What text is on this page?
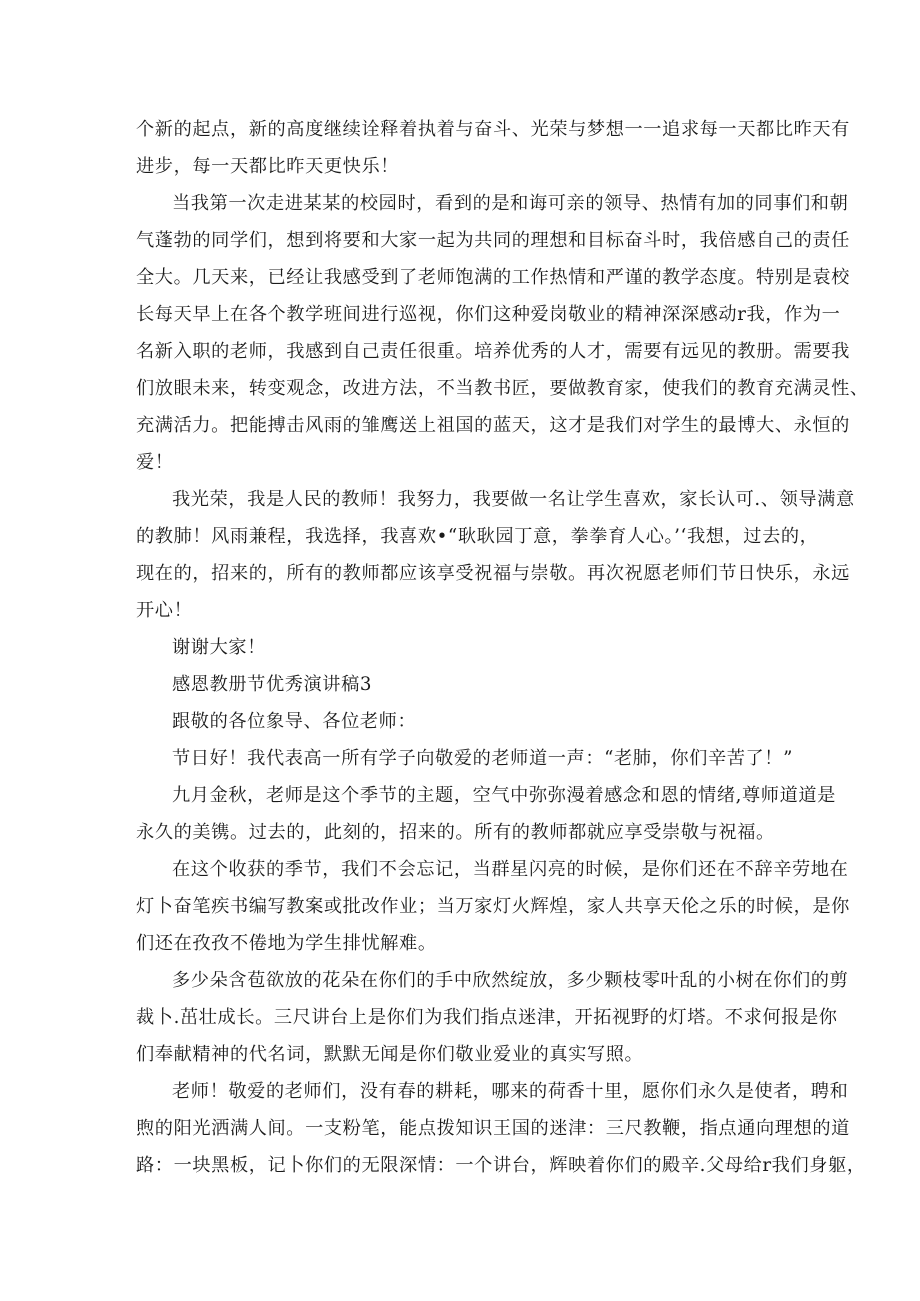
个新的起点，新的高度继续诠释着执着与奋斗、光荣与梦想一一追求每一天都比昨天有
进步，每一天都比昨天更快乐！
当我第一次走进某某的校园时，看到的是和诲可亲的领导、热情有加的同事们和朝
气蓬勃的同学们，想到将要和大家一起为共同的理想和目标奋斗时，我倍感自己的责任
全大。几天来，已经让我感受到了老师饱满的工作热情和严谨的教学态度。特别是袁校
长每天早上在各个教学班间进行巡视，你们这种爱岗敬业的精神深深感动r我，作为一
名新入职的老师，我感到自己责任很重。培养优秀的人才，需要有远见的教册。需要我
们放眼未来，转变观念，改进方法，不当教书匠，要做教育家，使我们的教育充满灵性、
充满活力。把能搏击风雨的雏鹰送上祖国的蓝天，这才是我们对学生的最博大、永恒的
爱！
我光荣，我是人民的教师！我努力，我要做一名让学生喜欢，家长认可.、领导满意
的教肺！风雨兼程，我选择，我喜欢•“耿耿园丁意，拳拳育人心。’‘我想，过去的，
现在的，招来的，所有的教师都应该享受祝福与崇敬。再次祝愿老师们节日快乐，永远
开心！
谢谢大家！
感恩教册节优秀演讲稿3
跟敬的各位象导、各位老师：
节日好！我代表高一所有学子向敬爱的老师道一声：“老肺，你们辛苦了！”
九月金秋，老师是这个季节的主题，空气中弥弥漫着感念和恩的情绪,尊师道道是
永久的美镌。过去的，此刻的，招来的。所有的教师都就应享受崇敬与祝福。
在这个收获的季节，我们不会忘记，当群星闪亮的时候，是你们还在不辞辛劳地在
灯卜奋笔疾书编写教案或批改作业；当万家灯火辉煌，家人共享天伦之乐的时候，是你
们还在孜孜不倦地为学生排忧解难。
多少朵含苞欲放的花朵在你们的手中欣然绽放，多少颗枝零叶乱的小树在你们的剪
裁卜.茁壮成长。三尺讲台上是你们为我们指点迷津，开拓视野的灯塔。不求何报是你
们奉献精神的代名词，默默无闻是你们敬业爱业的真实写照。
老师！敬爱的老师们，没有春的耕耗，哪来的荷香十里，愿你们永久是使者，聘和
煦的阳光洒满人间。一支粉笔，能点拨知识王国的迷津：三尺教鞭，指点通向理想的道
路：一块黑板，记卜你们的无限深情：一个讲台，辉映着你们的殿辛.父母给r我们身躯，
